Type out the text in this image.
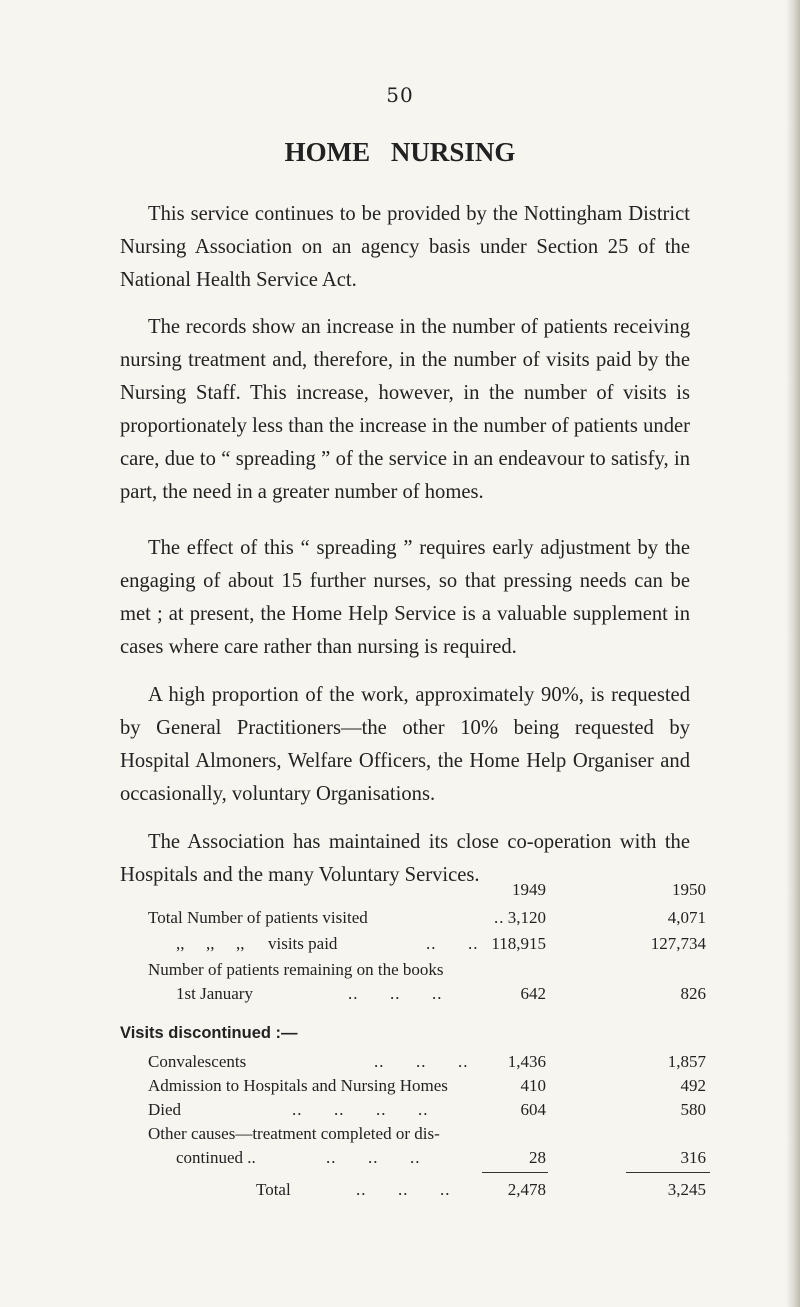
50
HOME NURSING

This service continues to be provided by the Nottingham District Nursing Association on an agency basis under Section 25 of the National Health Service Act.

The records show an increase in the number of patients receiving nursing treatment and, therefore, in the number of visits paid by the Nursing Staff. This increase, however, in the number of visits is proportionately less than the increase in the number of patients under care, due to “ spreading ” of the service in an endeavour to satisfy, in part, the need in a greater number of homes.

The effect of this “ spreading ” requires early adjustment by the engaging of about 15 further nurses, so that pressing needs can be met ; at present, the Home Help Service is a valuable supplement in cases where care rather than nursing is required.

A high proportion of the work, approximately 90%, is requested by General Practitioners—the other 10% being requested by Hospital Almoners, Welfare Officers, the Home Help Organiser and occasionally, voluntary Organisations.

The Association has maintained its close co-operation with the Hospitals and the many Voluntary Services.

1949	1950
Total Number of patients visited	.. 3,120	4,071
,, ,, ,,	visits paid	..      .. 118,915	127,734
Number of patients remaining on the books
1st January	..      ..      ..	642	826
Visits discontinued :—
Convalescents	..      ..      .. 1,436	1,857
Admission to Hospitals and Nursing Homes	410	492
Died	..      ..      ..      ..	604	580
Other causes—treatment completed or dis-
continued ..	..      ..      ..	28	316
Total	..      ..      ..	2,478	3,245
